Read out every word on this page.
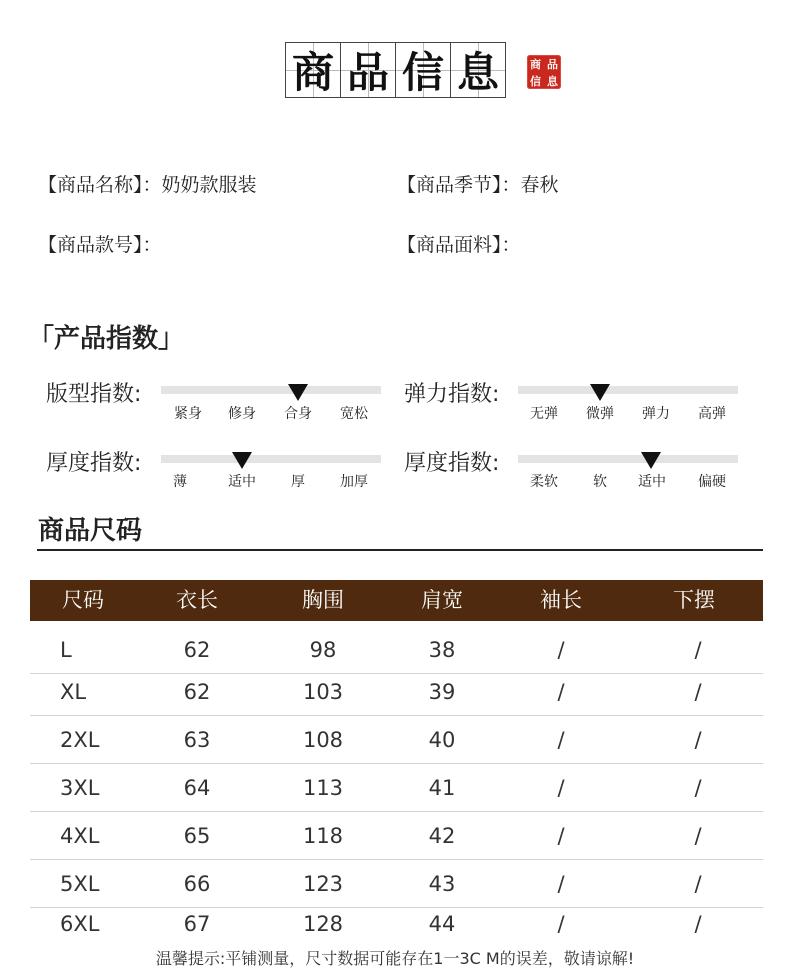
商 品 信 息	商 品
信 息
【商品名称】：奶奶款服装	【商品季节】：春秋
【商品款号】：	【商品面料】：
「产品指数」
版型指数:
紧身 修身 合身 宽松
弹力指数:
无弹 微弹 弹力 高弹
厚度指数:
薄	适中	厚	加厚
厚度指数:
柔软	软 适中 偏硬
商品尺码
尺码	衣长	胸围	肩宽	袖长	下摆
L	62	98	38	/	/
XL	62	103	39	/	/
2XL	63	108	40	/	/
3XL	64	113	41	/	/
4XL	65	118	42	/	/
5XL	66	123	43	/	/
6XL	67	128	44	/	/
温馨提示:平铺测量，尺寸数据可能存在1一3C M的误差，敬请谅解!
